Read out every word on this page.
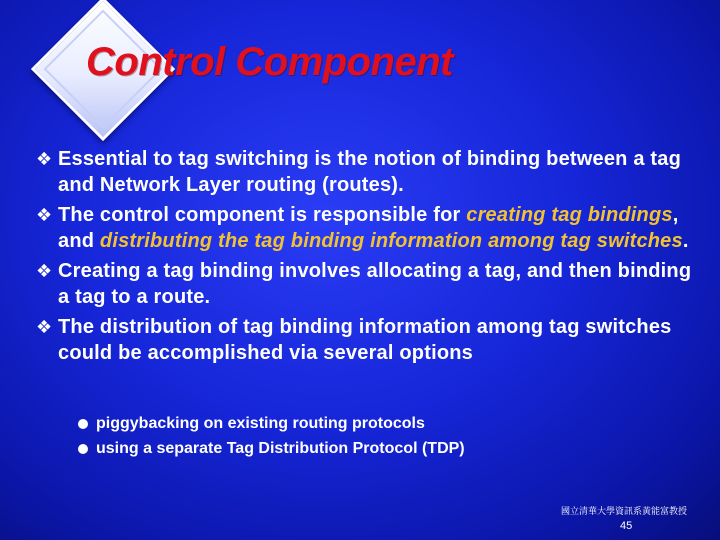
Control Component
❖ Essential to tag switching is the notion of binding between a tag and Network Layer routing (routes).
❖ The control component is responsible for creating tag bindings, and distributing the tag binding information among tag switches.
❖ Creating a tag binding involves allocating a tag, and then binding a tag to a route.
❖ The distribution of tag binding information among tag switches could be accomplished via several options
piggybacking on existing routing protocols
using a separate Tag Distribution Protocol (TDP)
國立清華大學資訊系黃能富教授
45
